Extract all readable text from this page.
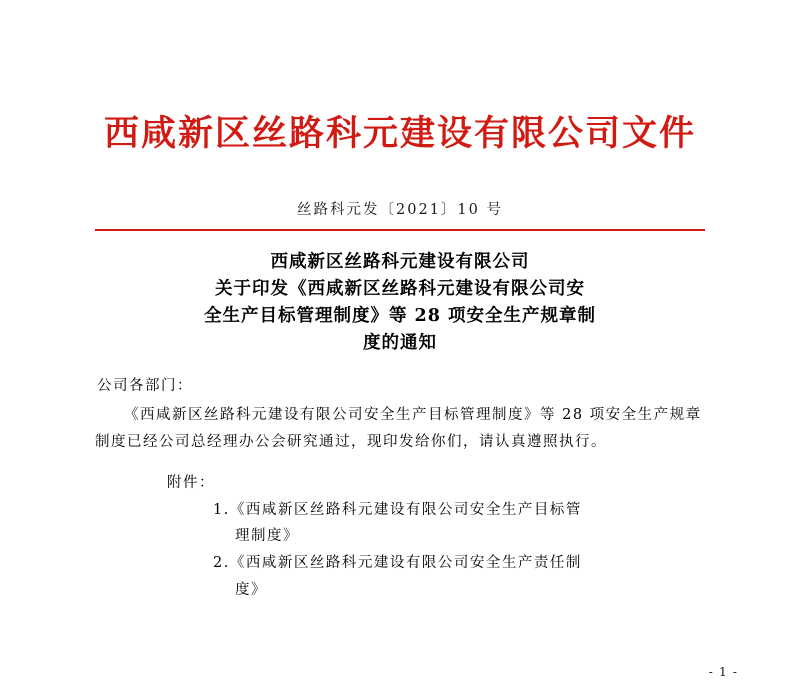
西咸新区丝路科元建设有限公司文件
丝路科元发〔2021〕10 号
西咸新区丝路科元建设有限公司
关于印发《西咸新区丝路科元建设有限公司安
全生产目标管理制度》等 28 项安全生产规章制
度的通知
公司各部门：
《西咸新区丝路科元建设有限公司安全生产目标管理制度》等 28 项安全生产规章制度已经公司总经理办公会研究通过，现印发给你们，请认真遵照执行。
附件：
1.《西咸新区丝路科元建设有限公司安全生产目标管
理制度》
2.《西咸新区丝路科元建设有限公司安全生产责任制
度》
- 1 -
